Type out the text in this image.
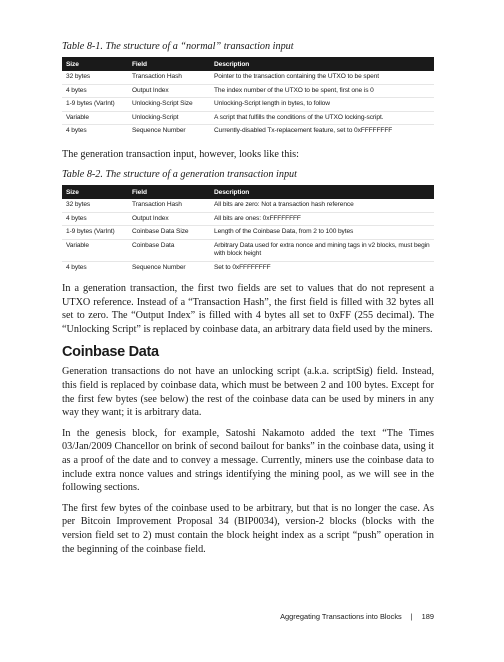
Table 8-1. The structure of a “normal” transaction input

Size	Field	Description
32 bytes	Transaction Hash	Pointer to the transaction containing the UTXO to be spent
4 bytes	Output Index	The index number of the UTXO to be spent, first one is 0
1-9 bytes (VarInt)	Unlocking-Script Size	Unlocking-Script length in bytes, to follow
Variable	Unlocking-Script	A script that fulfills the conditions of the UTXO locking-script.
4 bytes	Sequence Number	Currently-disabled Tx-replacement feature, set to 0xFFFFFFFF

The generation transaction input, however, looks like this:

Table 8-2. The structure of a generation transaction input

Size	Field	Description
32 bytes	Transaction Hash	All bits are zero: Not a transaction hash reference
4 bytes	Output Index	All bits are ones: 0xFFFFFFFF
1-9 bytes (VarInt)	Coinbase Data Size	Length of the Coinbase Data, from 2 to 100 bytes
Variable	Coinbase Data	Arbitrary Data used for extra nonce and mining tags in v2 blocks, must begin with block height
4 bytes	Sequence Number	Set to 0xFFFFFFFF

In a generation transaction, the first two fields are set to values that do not represent a UTXO reference. Instead of a “Transaction Hash”, the first field is filled with 32 bytes all set to zero. The “Output Index” is filled with 4 bytes all set to 0xFF (255 decimal). The “Unlocking Script” is replaced by coinbase data, an arbitrary data field used by the miners.

Coinbase Data

Generation transactions do not have an unlocking script (a.k.a. scriptSig) field. Instead, this field is replaced by coinbase data, which must be between 2 and 100 bytes. Except for the first few bytes (see below) the rest of the coinbase data can be used by miners in any way they want; it is arbitrary data.

In the genesis block, for example, Satoshi Nakamoto added the text “The Times 03/Jan/2009 Chancellor on brink of second bailout for banks” in the coinbase data, using it as a proof of the date and to convey a message. Currently, miners use the coinbase data to include extra nonce values and strings identifying the mining pool, as we will see in the following sections.

The first few bytes of the coinbase used to be arbitrary, but that is no longer the case. As per Bitcoin Improvement Proposal 34 (BIP0034), version-2 blocks (blocks with the version field set to 2) must contain the block height index as a script “push” operation in the beginning of the coinbase field.

Aggregating Transactions into Blocks | 189
